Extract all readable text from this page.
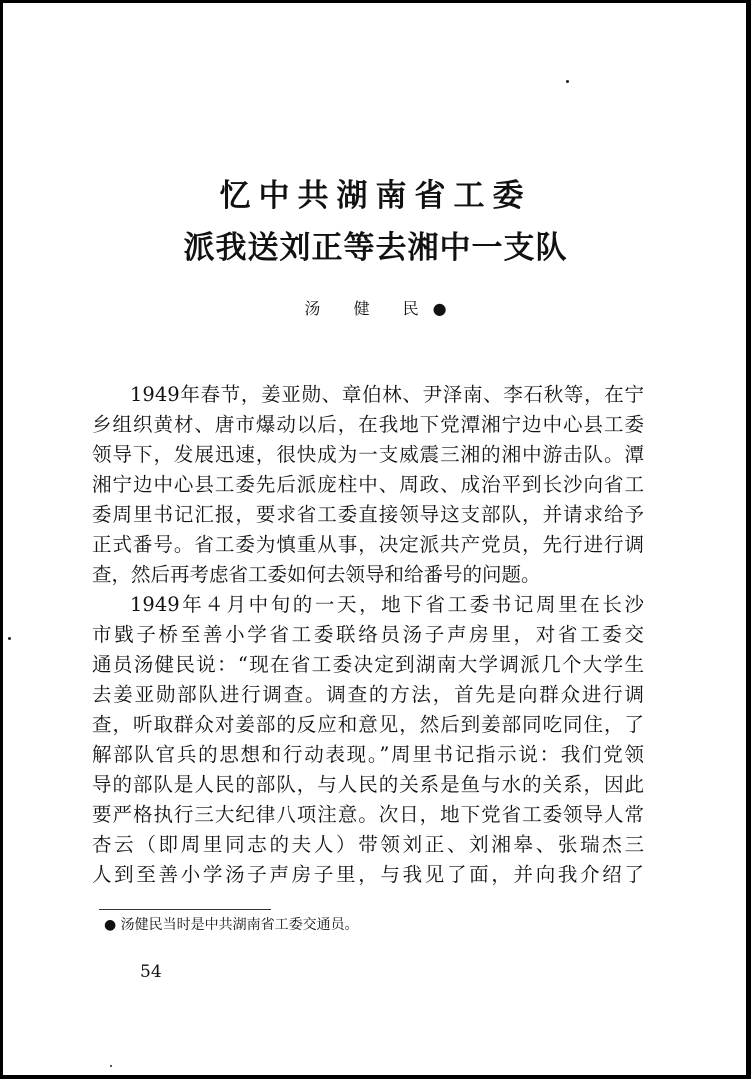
忆中共湖南省工委
派我送刘正等去湘中一支队
汤 健 民●
1949年春节，姜亚勋、章伯林、尹泽南、李石秋等，在宁
乡组织黄材、唐市爆动以后，在我地下党潭湘宁边中心县工委
领导下，发展迅速，很快成为一支威震三湘的湘中游击队。潭
湘宁边中心县工委先后派庞柱中、周政、成治平到长沙向省工
委周里书记汇报，要求省工委直接领导这支部队，并请求给予
正式番号。省工委为慎重从事，决定派共产党员，先行进行调
查，然后再考虑省工委如何去领导和给番号的问题。
1949年４月中旬的一天，地下省工委书记周里在长沙
市戥子桥至善小学省工委联络员汤子声房里，对省工委交
通员汤健民说：“现在省工委决定到湖南大学调派几个大学生
去姜亚勋部队进行调查。调查的方法，首先是向群众进行调
查，听取群众对姜部的反应和意见，然后到姜部同吃同住，了
解部队官兵的思想和行动表现。”周里书记指示说：我们党领
导的部队是人民的部队，与人民的关系是鱼与水的关系，因此
要严格执行三大纪律八项注意。次日，地下党省工委领导人常
杏云（即周里同志的夫人）带领刘正、刘湘皋、张瑞杰三
人到至善小学汤子声房子里，与我见了面，并向我介绍了
● 汤健民当时是中共湖南省工委交通员。
54
